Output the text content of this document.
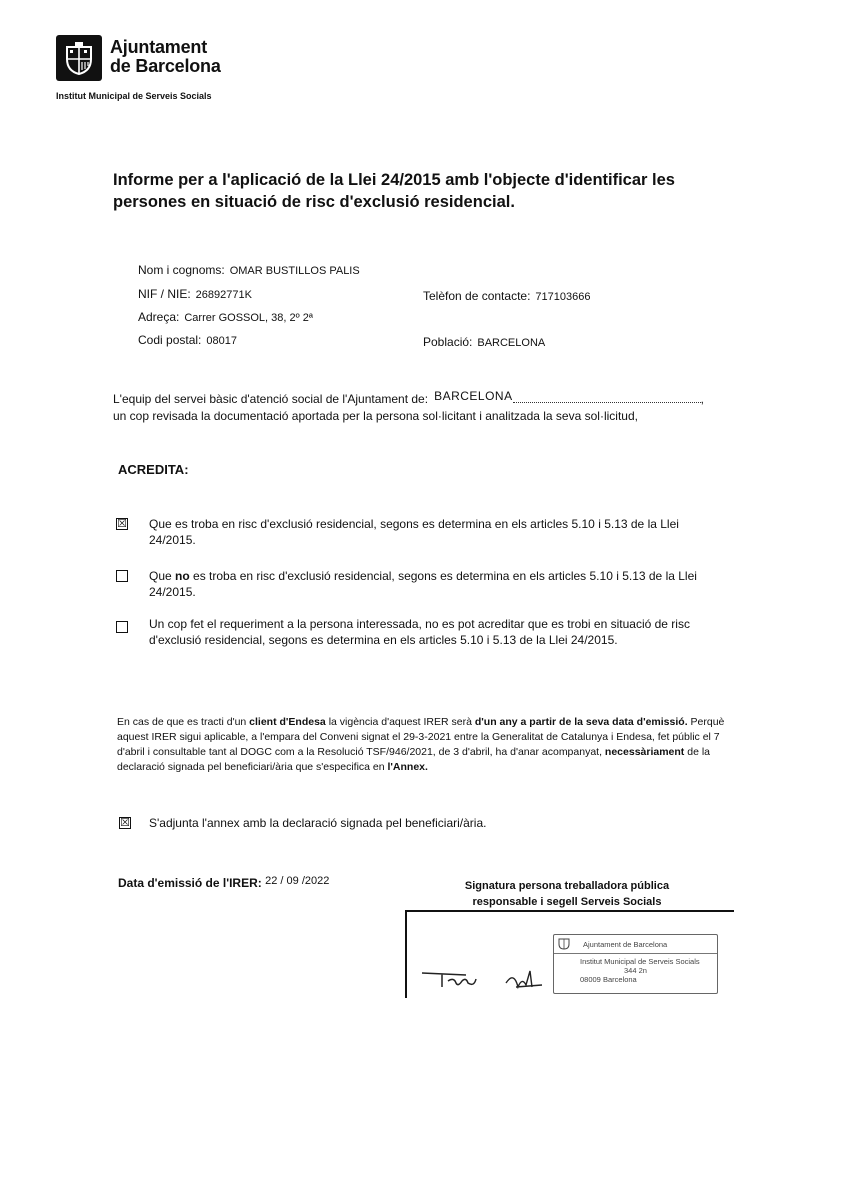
Ajuntament
de Barcelona
Institut Municipal de Serveis Socials
Informe per a l'aplicació de la Llei 24/2015 amb l'objecte d'identificar les persones en situació de risc d'exclusió residencial.
Nom i cognoms: OMAR BUSTILLOS PALIS
NIF / NIE: 26892771K	Telèfon de contacte: 717103666
Adreça: Carrer GOSSOL, 38, 2º 2ª
Codi postal: 08017	Població: BARCELONA
L'equip del servei bàsic d'atenció social de l'Ajuntament de: BARCELONA	,
un cop revisada la documentació aportada per la persona sol·licitant i analitzada la seva sol·licitud,
ACREDITA:
☒ Que es troba en risc d'exclusió residencial, segons es determina en els articles 5.10 i 5.13 de la Llei 24/2015.
Que no es troba en risc d'exclusió residencial, segons es determina en els articles 5.10 i 5.13 de la Llei 24/2015.
Un cop fet el requeriment a la persona interessada, no es pot acreditar que es trobi en situació de risc d'exclusió residencial, segons es determina en els articles 5.10 i 5.13 de la Llei 24/2015.
En cas de que es tracti d'un client d'Endesa la vigència d'aquest IRER serà d'un any a partir de la seva data d'emissió. Perquè aquest IRER sigui aplicable, a l'empara del Conveni signat el 29-3-2021 entre la Generalitat de Catalunya i Endesa, fet públic el 7 d'abril i consultable tant al DOGC com a la Resolució TSF/946/2021, de 3 d'abril, ha d'anar acompanyat, necessàriament de la declaració signada pel beneficiari/ària que s'especifica en l'Annex.
☒ S'adjunta l'annex amb la declaració signada pel beneficiari/ària.
Data d'emissió de l'IRER: 22 / 09 /2022	Signatura persona treballadora pública
responsable i segell Serveis Socials
Ajuntament de Barcelona
Institut Municipal de Serveis Socials
344 2n
08009 Barcelona
